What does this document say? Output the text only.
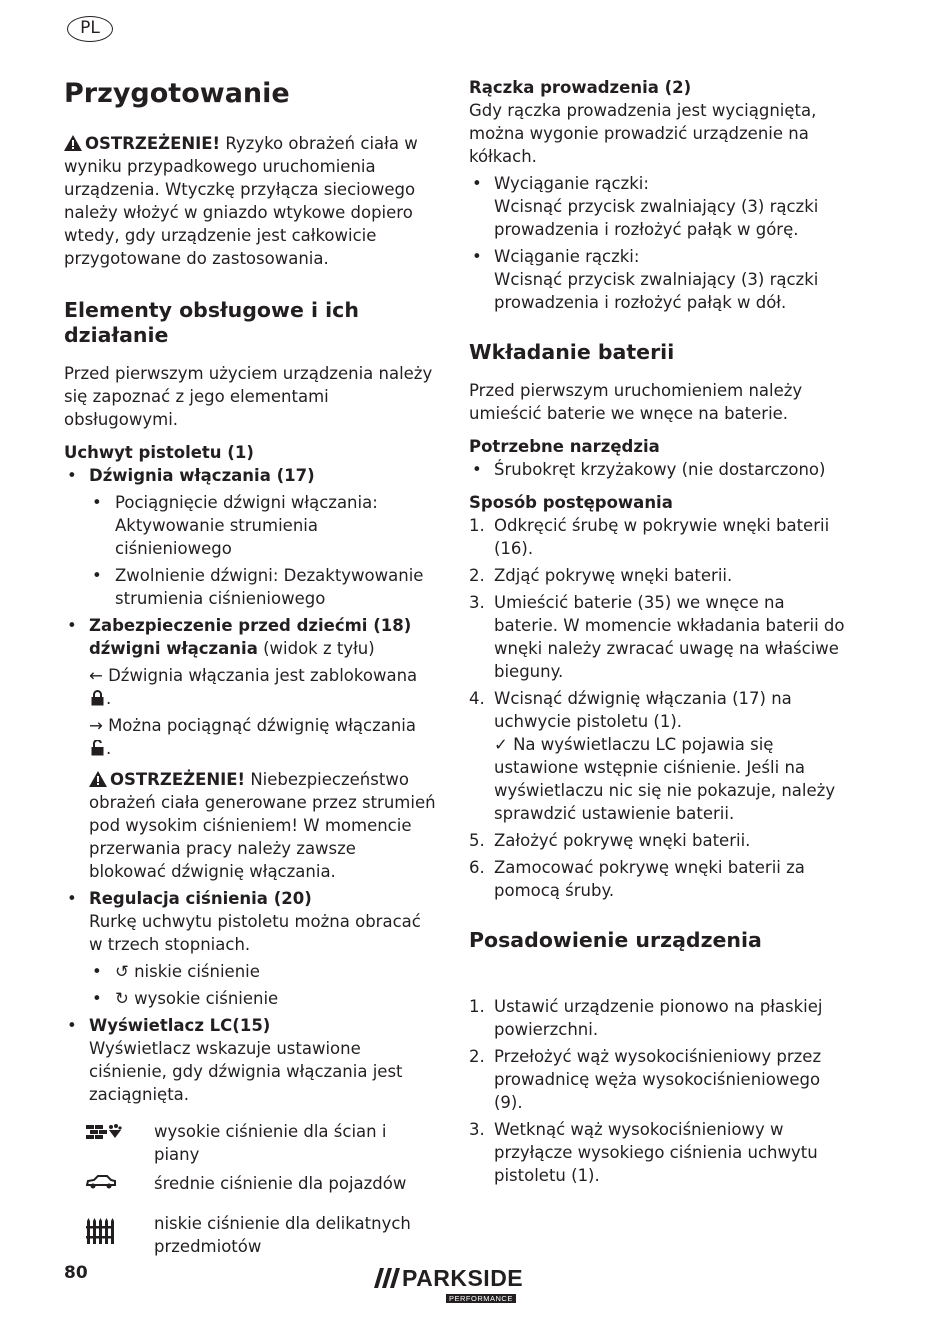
PL
Przygotowanie

OSTRZEŻENIE! Ryzyko obrażeń ciała w wyniku przypadkowego uruchomienia urządzenia. Wtyczkę przyłącza sieciowego należy włożyć w gniazdo wtykowe dopiero wtedy, gdy urządzenie jest całkowicie przygotowane do zastosowania.

Elementy obsługowe i ich działanie

Przed pierwszym użyciem urządzenia należy się zapoznać z jego elementami obsługowymi.

Uchwyt pistoletu (1)

• Dźwignia włączania (17)
• Pociągnięcie dźwigni włączania: Aktywowanie strumienia ciśnieniowego
• Zwolnienie dźwigni: Dezaktywowanie strumienia ciśnieniowego
• Zabezpieczenie przed dziećmi (18) dźwigni włączania (widok z tyłu)
← Dźwignia włączania jest zablokowana
.
→ Można pociągnąć dźwignię włączania .

OSTRZEŻENIE! Niebezpieczeństwo obrażeń ciała generowane przez strumień pod wysokim ciśnieniem! W momencie przerwania pracy należy zawsze blokować dźwignię włączania.

• Regulacja ciśnienia (20)
Rurkę uchwytu pistoletu można obracać w trzech stopniach.
• ↺ niskie ciśnienie
• ↻ wysokie ciśnienie
• Wyświetlacz LC(15)
Wyświetlacz wskazuje ustawione ciśnienie, gdy dźwignia włączania jest zaciągnięta.
wysokie ciśnienie dla ścian i piany
średnie ciśnienie dla pojazdów
niskie ciśnienie dla delikatnych przedmiotów

Rączka prowadzenia (2)

Gdy rączka prowadzenia jest wyciągnięta, można wygonie prowadzić urządzenie na kółkach.

• Wyciąganie rączki:
Wcisnąć przycisk zwalniający (3) rączki prowadzenia i rozłożyć pałąk w górę.
• Wciąganie rączki:
Wcisnąć przycisk zwalniający (3) rączki prowadzenia i rozłożyć pałąk w dół.
Wkładanie baterii

Przed pierwszym uruchomieniem należy umieścić baterie we wnęce na baterie.

Potrzebne narzędzia

• Śrubokręt krzyżakowy (nie dostarczono)

Sposób postępowania

1. Odkręcić śrubę w pokrywie wnęki baterii (16).
2. Zdjąć pokrywę wnęki baterii.
3. Umieścić baterie (35) we wnęce na baterie. W momencie wkładania baterii do wnęki należy zwracać uwagę na właściwe bieguny.
4. Wcisnąć dźwignię włączania (17) na uchwycie pistoletu (1).
✓ Na wyświetlaczu LC pojawia się ustawione wstępnie ciśnienie. Jeśli na wyświetlaczu nic się nie pokazuje, należy sprawdzić ustawienie baterii.
5. Założyć pokrywę wnęki baterii.
6. Zamocować pokrywę wnęki baterii za pomocą śruby.
Posadowienie urządzenia
1. Ustawić urządzenie pionowo na płaskiej powierzchni.
2. Przełożyć wąż wysokociśnieniowy przez prowadnicę węża wysokociśnieniowego (9).
3. Wetknąć wąż wysokociśnieniowy w przyłącze wysokiego ciśnienia uchwytu pistoletu (1).
80	PARKSIDE
PERFORMANCE
